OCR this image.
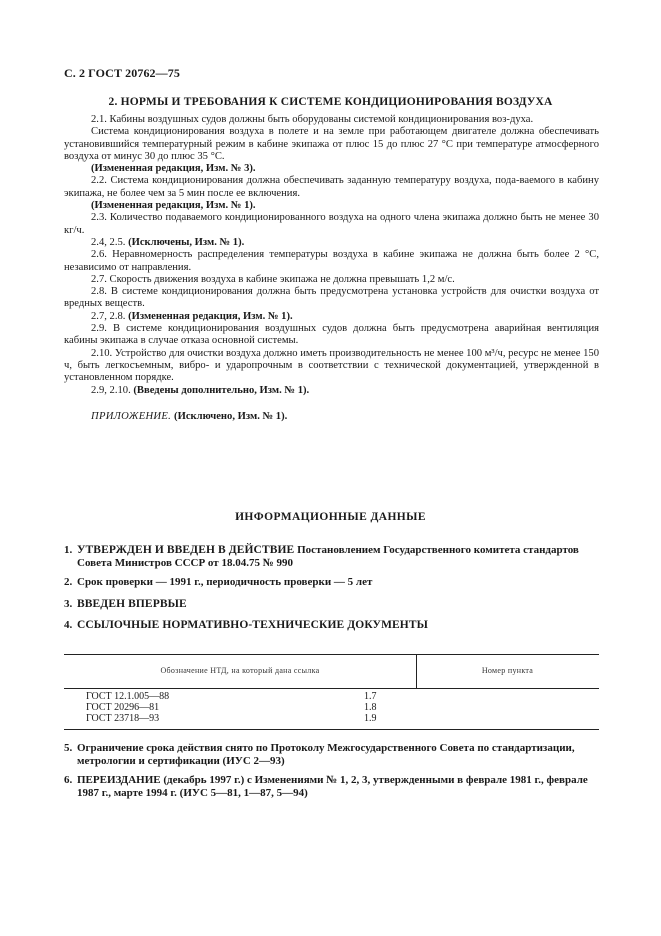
С. 2 ГОСТ 20762—75
2. НОРМЫ И ТРЕБОВАНИЯ К СИСТЕМЕ КОНДИЦИОНИРОВАНИЯ ВОЗДУХА

2.1. Кабины воздушных судов должны быть оборудованы системой кондиционирования воз-духа.

Система кондиционирования воздуха в полете и на земле при работающем двигателе должна обеспечивать установившийся температурный режим в кабине экипажа от плюс 15 до плюс 27 °С при температуре атмосферного воздуха от минус 30 до плюс 35 °С.

(Измененная редакция, Изм. № 3).

2.2. Система кондиционирования должна обеспечивать заданную температуру воздуха, пода-ваемого в кабину экипажа, не более чем за 5 мин после ее включения.

(Измененная редакция, Изм. № 1).

2.3. Количество подаваемого кондиционированного воздуха на одного члена экипажа должно быть не менее 30 кг/ч.

2.4, 2.5. (Исключены, Изм. № 1).

2.6. Неравномерность распределения температуры воздуха в кабине экипажа не должна быть более 2 °С, независимо от направления.

2.7. Скорость движения воздуха в кабине экипажа не должна превышать 1,2 м/с.

2.8. В системе кондиционирования должна быть предусмотрена установка устройств для очистки воздуха от вредных веществ.

2.7, 2.8. (Измененная редакция, Изм. № 1).

2.9. В системе кондиционирования воздушных судов должна быть предусмотрена аварийная вентиляция кабины экипажа в случае отказа основной системы.

2.10. Устройство для очистки воздуха должно иметь производительность не менее 100 м³/ч, ресурс не менее 150 ч, быть легкосъемным, вибро- и ударопрочным в соответствии с технической документацией, утвержденной в установленном порядке.

2.9, 2.10. (Введены дополнительно, Изм. № 1).

ПРИЛОЖЕНИЕ. (Исключено, Изм. № 1).

ИНФОРМАЦИОННЫЕ ДАННЫЕ
1. УТВЕРЖДЕН И ВВЕДЕН В ДЕЙСТВИЕ Постановлением Государственного комитета стандартов Совета Министров СССР от 18.04.75 № 990
2. Срок проверки — 1991 г., периодичность проверки — 5 лет
3. ВВЕДЕН ВПЕРВЫЕ
4. ССЫЛОЧНЫЕ НОРМАТИВНО-ТЕХНИЧЕСКИЕ ДОКУМЕНТЫ
Обозначение НТД, на который дана ссылка	Номер пункта
ГОСТ 12.1.005—88	1.7
ГОСТ 20296—81	1.8
ГОСТ 23718—93	1.9
5. Ограничение срока действия снято по Протоколу Межгосударственного Совета по стандартизации, метрологии и сертификации (ИУС 2—93)
6. ПЕРЕИЗДАНИЕ (декабрь 1997 г.) с Изменениями № 1, 2, 3, утвержденными в феврале 1981 г., феврале 1987 г., марте 1994 г. (ИУС 5—81, 1—87, 5—94)
